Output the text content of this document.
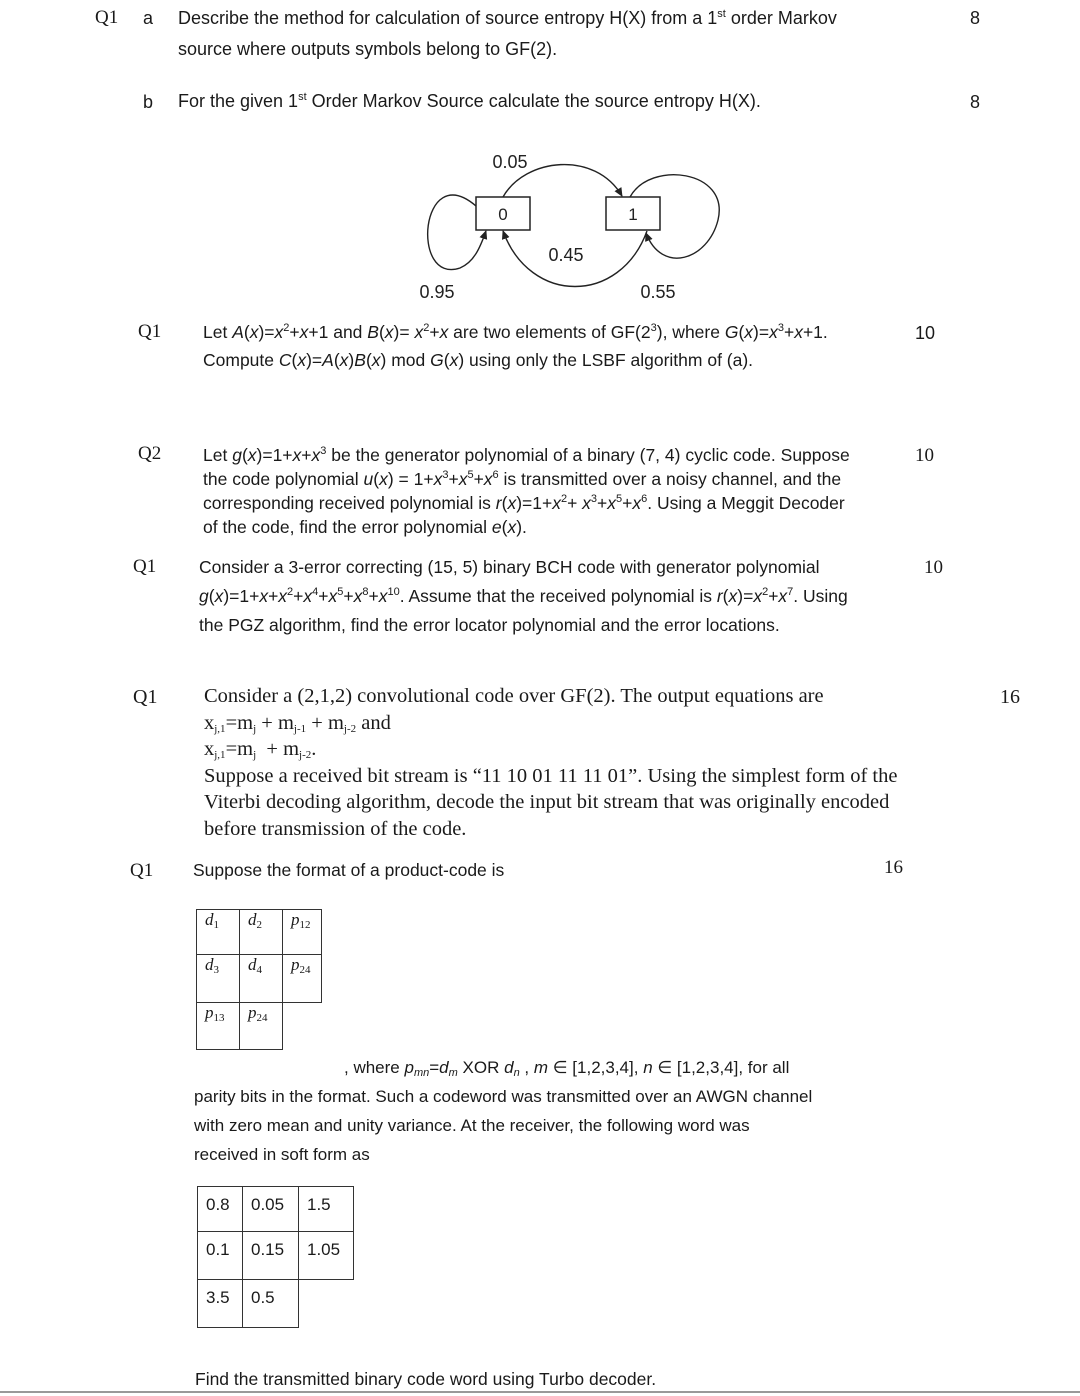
Q1 a Describe the method for calculation of source entropy H(X) from a 1st order Markov
source where outputs symbols belong to GF(2).
8
b For the given 1st Order Markov Source calculate the source entropy H(X).	8
0	1
0.05
0.45
0.95	0.55
Q1 Let $A(x)=x^2+x+1$ and $B(x)= x^2+x$ are two elements of $GF(2^3)$, where $G(x)=x^3+x+1$.
Compute C(x)=A(x)B(x) mod G(x) using only the LSBF algorithm of (a).
10
Q2 Let $g(x)=1+x+x^3$ be the generator polynomial of a binary (7, 4) cyclic code. Suppose
the code polynomial $u(x) = 1+x^3+x^5+x^6$ is transmitted over a noisy channel, and the
corresponding received polynomial is $r(x)=1+x^2+ x^3+x^5+x^6$. Using a Meggit Decoder
of the code, find the error polynomial e(x).
10
Q1 Consider a 3-error correcting (15, 5) binary BCH code with generator polynomial
$g(x)=1+x+x^2+x^4+x^5+x^8+x^{10}$. Assume that the received polynomial is $r(x)=x^2+x^7$. Using
the PGZ algorithm, find the error locator polynomial and the error locations.
10
Q1 Consider a (2,1,2) convolutional code over GF(2). The output equations are
$x_{j,1}=m_j + m_{j-1} + m_{j-2}$ and
$x_{j,1}=m_j + m_{j-2}$.
Suppose a received bit stream is “11 10 01 11 11 01”. Using the simplest form of the
Viterbi decoding algorithm, decode the input bit stream that was originally encoded
before transmission of the code.
16
Q1 Suppose the format of a product-code is	16
$d_1$	$d_2$	$p_{12}$
$d_3$	$d_4$	$p_{24}$
$p_{13}$	$p_{24}$	
, where $p_{mn}=d_m$ XOR $d_n$ , m ∈ [1,2,3,4], n ∈ [1,2,3,4], for all
parity bits in the format. Such a codeword was transmitted over an AWGN channel
with zero mean and unity variance. At the receiver, the following word was
received in soft form as
0.8	0.05	1.5
0.1	0.15	1.05
3.5	0.5	
Find the transmitted binary code word using Turbo decoder.
